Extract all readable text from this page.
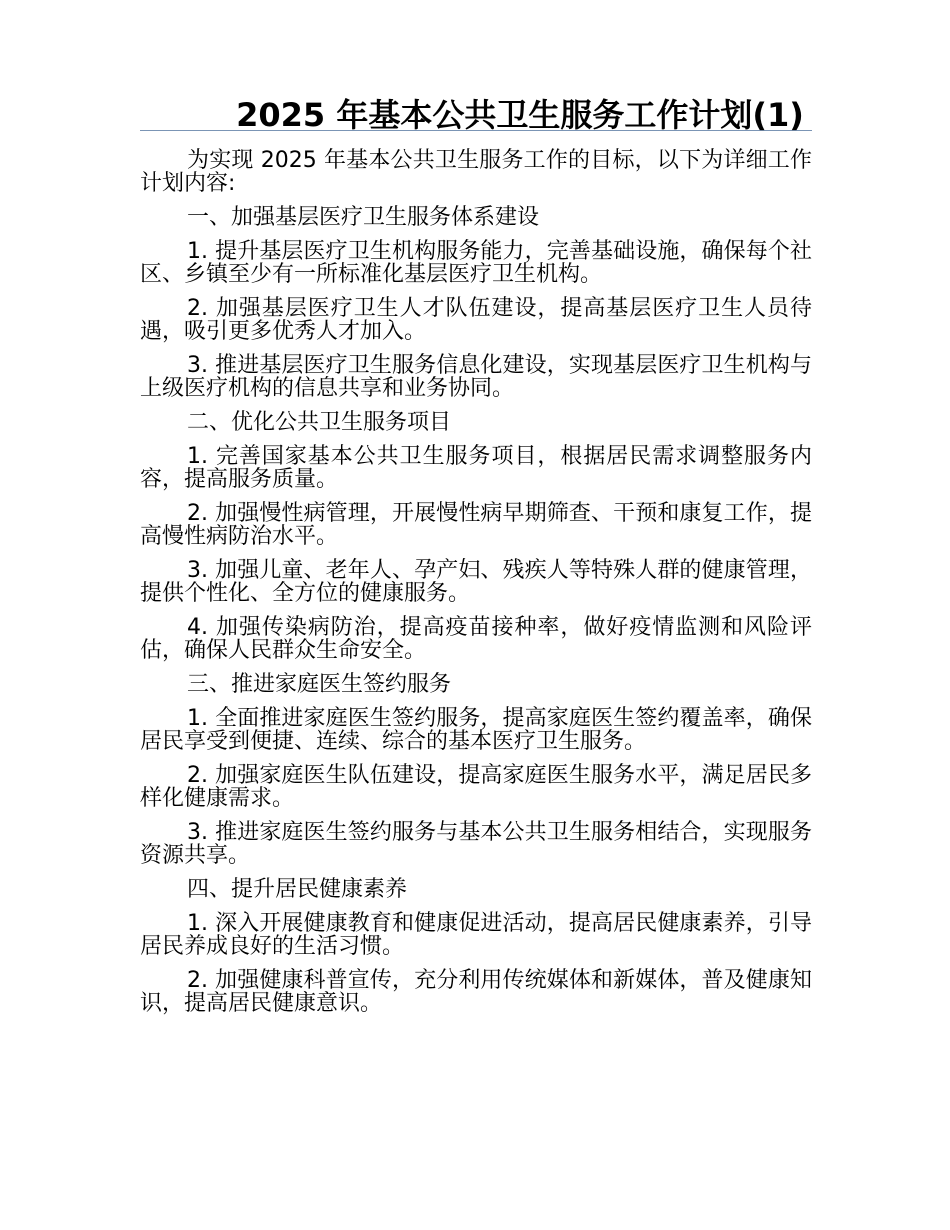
2025 年基本公共卫生服务工作计划(1)

为实现 2025 年基本公共卫生服务工作的目标，以下为详细工作计划内容:

一、加强基层医疗卫生服务体系建设

1. 提升基层医疗卫生机构服务能力，完善基础设施，确保每个社区、乡镇至少有一所标准化基层医疗卫生机构。

2. 加强基层医疗卫生人才队伍建设，提高基层医疗卫生人员待遇，吸引更多优秀人才加入。

3. 推进基层医疗卫生服务信息化建设，实现基层医疗卫生机构与上级医疗机构的信息共享和业务协同。

二、优化公共卫生服务项目

1. 完善国家基本公共卫生服务项目，根据居民需求调整服务内容，提高服务质量。

2. 加强慢性病管理，开展慢性病早期筛查、干预和康复工作，提高慢性病防治水平。

3. 加强儿童、老年人、孕产妇、残疾人等特殊人群的健康管理，提供个性化、全方位的健康服务。

4. 加强传染病防治，提高疫苗接种率，做好疫情监测和风险评估，确保人民群众生命安全。

三、推进家庭医生签约服务

1. 全面推进家庭医生签约服务，提高家庭医生签约覆盖率，确保居民享受到便捷、连续、综合的基本医疗卫生服务。

2. 加强家庭医生队伍建设，提高家庭医生服务水平，满足居民多样化健康需求。

3. 推进家庭医生签约服务与基本公共卫生服务相结合，实现服务资源共享。

四、提升居民健康素养

1. 深入开展健康教育和健康促进活动，提高居民健康素养，引导居民养成良好的生活习惯。

2. 加强健康科普宣传，充分利用传统媒体和新媒体，普及健康知识，提高居民健康意识。
